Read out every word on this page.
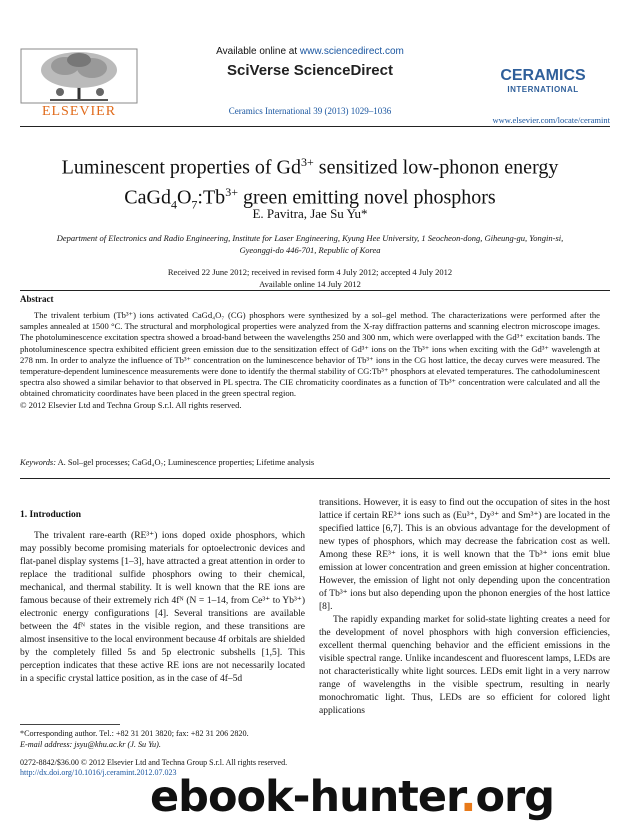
ELSEVIER
Available online at www.sciencedirect.com
SciVerse ScienceDirect
Ceramics International 39 (2013) 1029–1036
CERAMICS
INTERNATIONAL
www.elsevier.com/locate/ceramint
Luminescent properties of $Gd^{3+}$ sensitized low-phonon energy
$CaGd_4O_7:Tb^{3+}$ green emitting novel phosphors
E. Pavitra, Jae Su Yu*
Department of Electronics and Radio Engineering, Institute for Laser Engineering, Kyung Hee University, 1 Seocheon-dong, Giheung-gu, Yongin-si, Gyeonggi-do 446-701, Republic of Korea
Received 22 June 2012; received in revised form 4 July 2012; accepted 4 July 2012
Available online 14 July 2012
Abstract
The trivalent terbium (Tb³⁺) ions activated CaGd₄O₇ (CG) phosphors were synthesized by a sol–gel method. The characterizations were performed after the samples annealed at 1500 °C. The structural and morphological properties were analyzed from the X-ray diffraction patterns and scanning electron microscope images. The photoluminescence excitation spectra showed a broad-band between the wavelengths 250 and 300 nm, which were overlapped with the Gd³⁺ excitation bands. The photoluminescence spectra exhibited efficient green emission due to the sensitization effect of Gd³⁺ ions on the Tb³⁺ ions when exciting with the Gd³⁺ wavelength at 278 nm. In order to analyze the influence of Tb³⁺ concentration on the luminescence behavior of Tb³⁺ ions in the CG host lattice, the decay curves were measured. The temperature-dependent luminescence measurements were done to identify the thermal stability of CG:Tb³⁺ phosphors at elevated temperatures. The cathodoluminescent spectra also showed a similar behavior to that observed in PL spectra. The CIE chromaticity coordinates as a function of Tb³⁺ concentration were calculated and all the obtained chromaticity coordinates have been placed in the green spectral region.
© 2012 Elsevier Ltd and Techna Group S.r.l. All rights reserved.
Keywords: A. Sol–gel processes; CaGd₄O₇; Luminescence properties; Lifetime analysis
1. Introduction
The trivalent rare-earth (RE³⁺) ions doped oxide phosphors, which may possibly become promising materials for optoelectronic devices and flat-panel display systems [1–3], have attracted a great attention in order to replace the traditional sulfide phosphors owing to their chemical, mechanical, and thermal stability. It is well known that the RE ions are famous because of their extremely rich 4fᴺ (N = 1–14, from Ce³⁺ to Yb³⁺) electronic energy configurations [4]. Several transitions are available between the 4fᴺ states in the visible region, and these transitions are almost insensitive to the local environment because 4f orbitals are shielded by the completely filled 5s and 5p electronic subshells [1,5]. This perception indicates that these active RE ions are not necessarily located in a specific crystal lattice position, as in the case of 4f–5d
transitions. However, it is easy to find out the occupation of sites in the host lattice if certain RE³⁺ ions such as (Eu³⁺, Dy³⁺ and Sm³⁺) are located in the specified lattice [6,7]. This is an obvious advantage for the development of new types of phosphors, which may decrease the fabrication cost as well. Among these RE³⁺ ions, it is well known that the Tb³⁺ ions emit blue emission at lower concentration and green emission at higher concentration. However, the emission of light not only depending upon the concentration of Tb³⁺ ions but also depending upon the phonon energies of the host lattice [8].
The rapidly expanding market for solid-state lighting creates a need for the development of novel phosphors with high conversion efficiencies, excellent thermal quenching behavior and the efficient emissions in the visible spectral range. Unlike incandescent and fluorescent lamps, LEDs are not characteristically white light sources. LEDs emit light in a very narrow range of wavelengths in the visible spectrum, resulting in nearly monochromatic light. Thus, LEDs are so efficient for colored light applications
*Corresponding author. Tel.: +82 31 201 3820; fax: +82 31 206 2820.
E-mail address: jsyu@khu.ac.kr (J. Su Yu).
0272-8842/$36.00 © 2012 Elsevier Ltd and Techna Group S.r.l. All rights reserved.
http://dx.doi.org/10.1016/j.ceramint.2012.07.023
ebook-hunter.org
